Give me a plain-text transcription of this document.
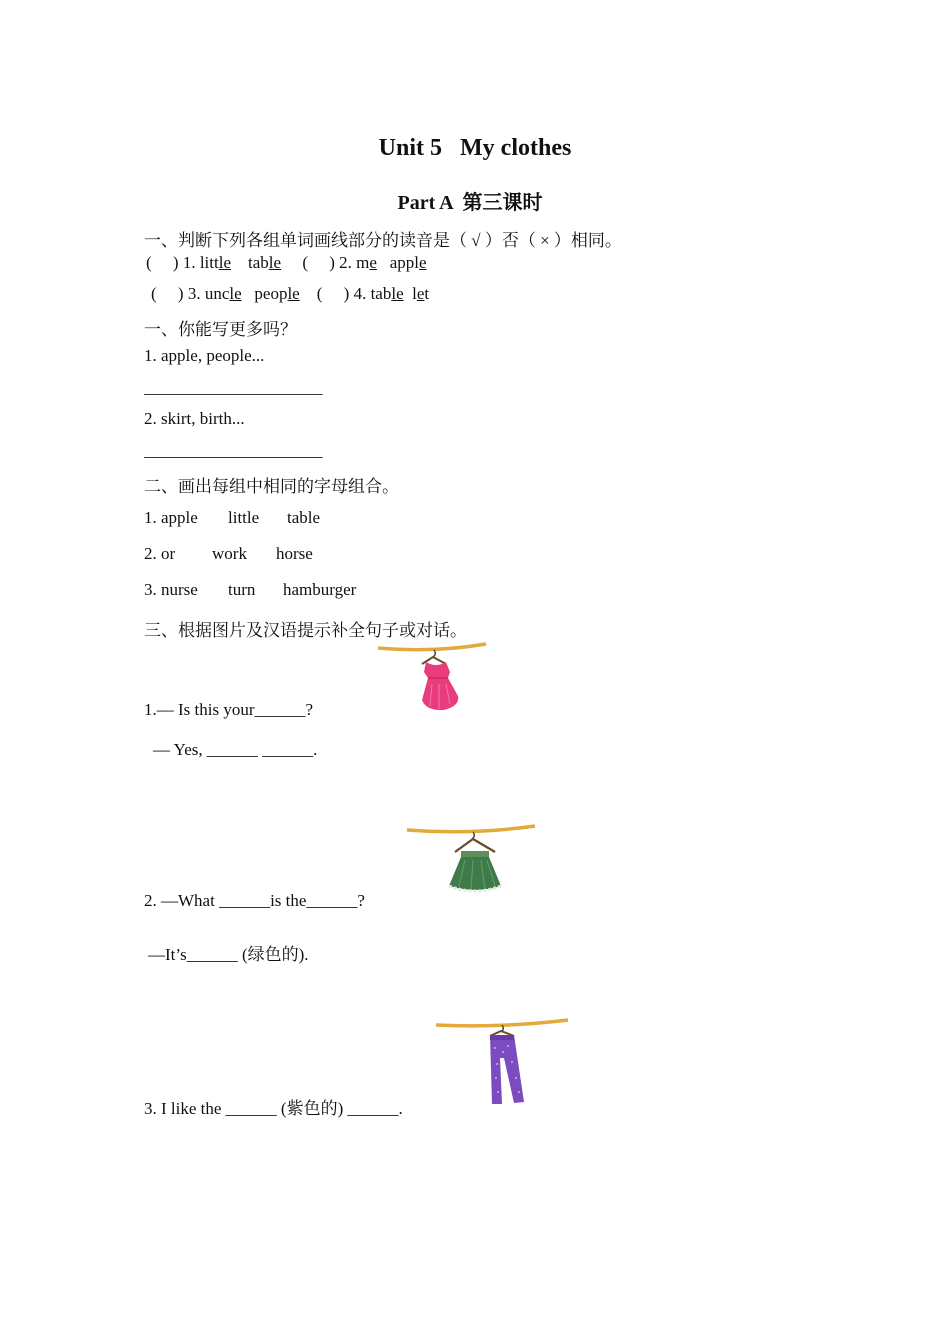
Unit 5   My clothes
Part A  第三课时
一、判断下列各组单词画线部分的读音是（ √ ）否（ × ）相同。
(     ) 1. little table (     ) 2. me apple
(     ) 3. uncle people (     ) 4. table let
一、你能写更多吗？
1. apple, people...
_____________________
2. skirt, birth...
_____________________
二、画出每组中相同的字母组合。
1. apple little table
2. or work horse
3. nurse turn hamburger
三、根据图片及汉语提示补全句子或对话。
1.— Is this your______?
— Yes, ______ ______.
2. —What ______is the______?
—It’s______ (绿色的).
3. I like the ______ (紫色的) ______.
